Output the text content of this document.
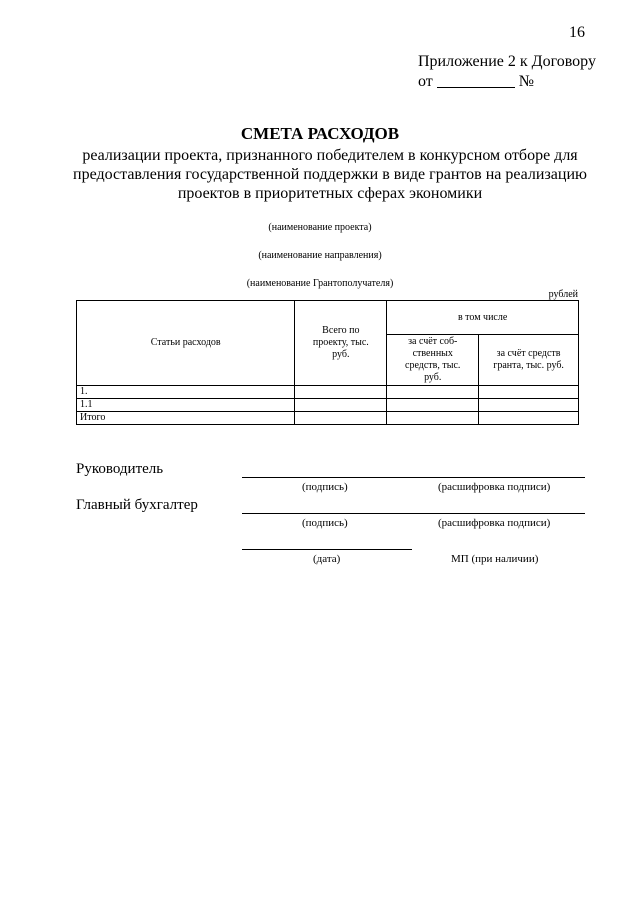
16
Приложение 2 к Договору
от	№
СМЕТА РАСХОДОВ
реализации проекта, признанного победителем в конкурсном отборе для предоставления государственной поддержки в виде грантов на реализацию проектов в приоритетных сферах экономики
(наименование проекта)
(наименование направления)
(наименование Грантополучателя)
рублей
Статьи расходов	Всего по проекту, тыс. руб.	в том числе	
		за счёт соб-ственных средств, тыс. руб.	за счёт средств гранта, тыс. руб.
1.			
1.1			
Итого			
Руководитель
(подпись)	(расшифровка подписи)
Главный бухгалтер
(подпись)	(расшифровка подписи)
(дата)	МП (при наличии)
